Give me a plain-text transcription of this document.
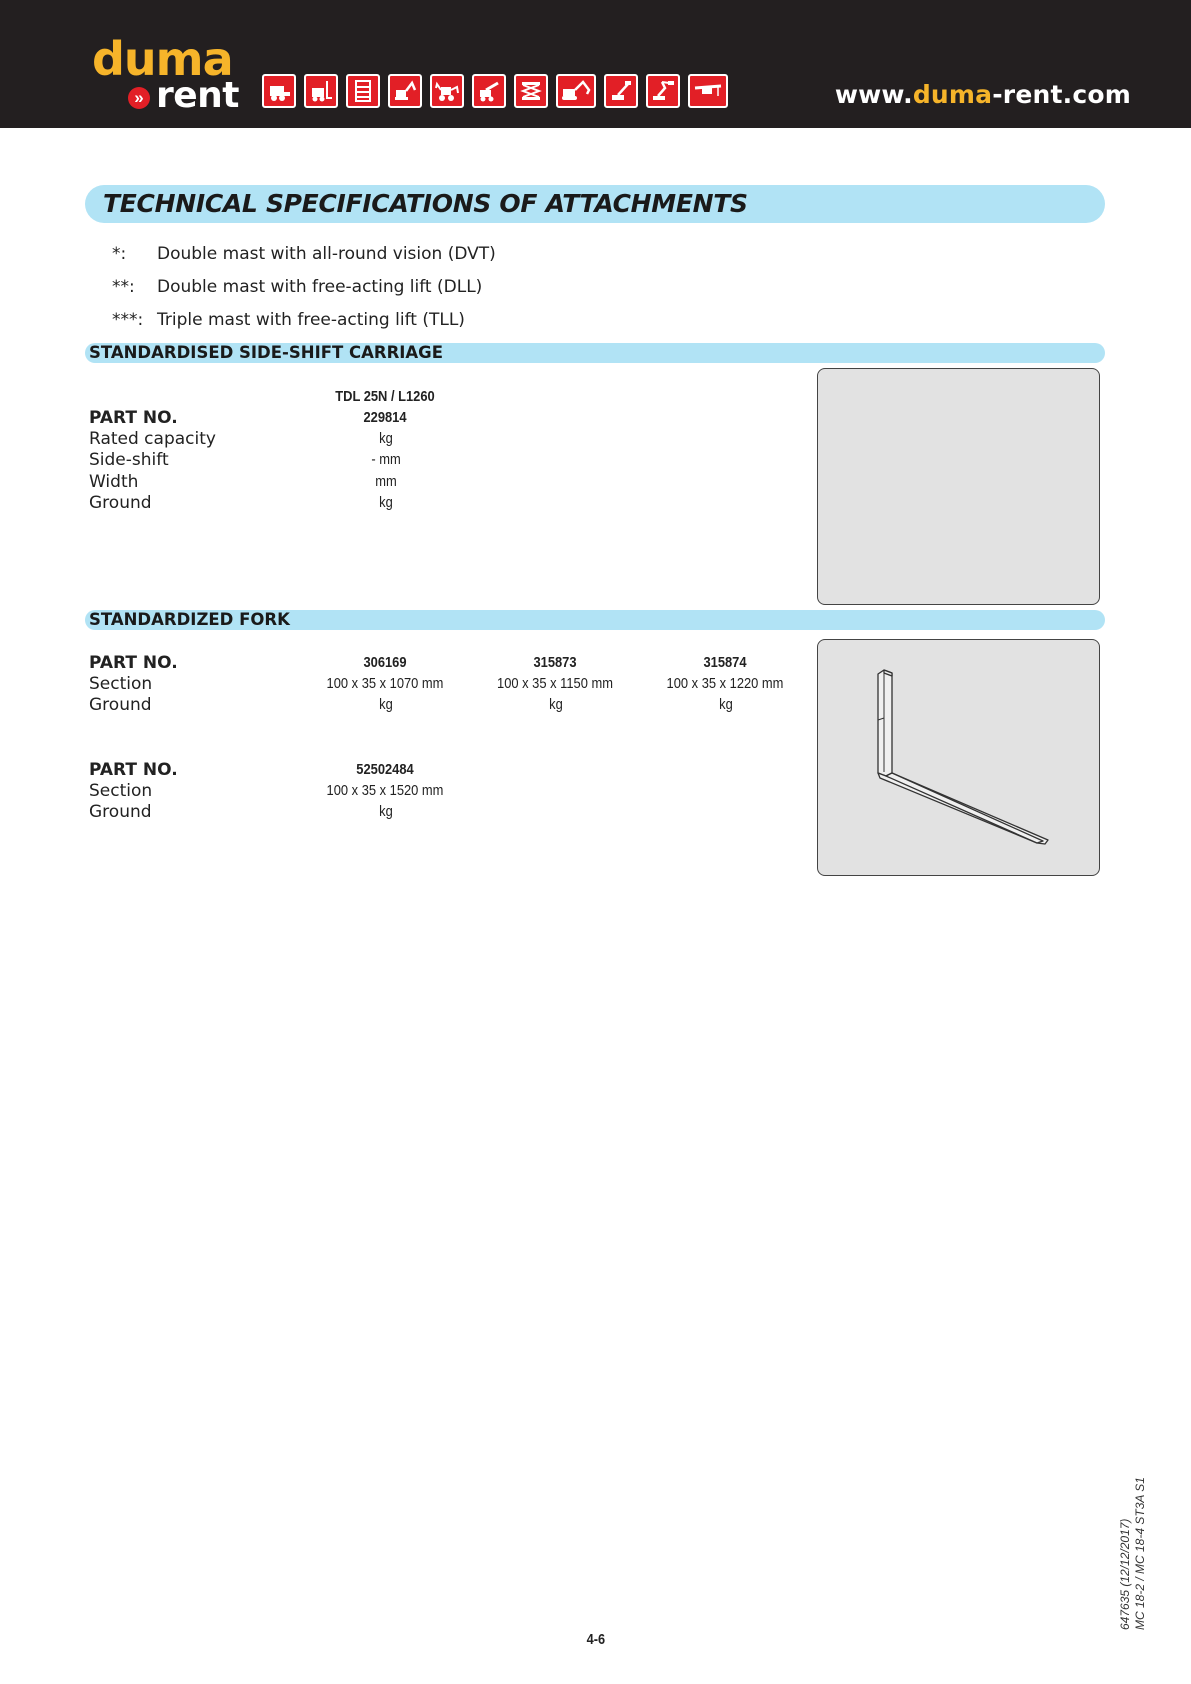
duma
» rent	www.duma-rent.com
TECHNICAL SPECIFICATIONS OF ATTACHMENTS
*: Double mast with all-round vision (DVT)
**: Double mast with free-acting lift (DLL)
***: Triple mast with free-acting lift (TLL)
STANDARDISED SIDE-SHIFT CARRIAGE
TDL 25N / L1260
PART NO.
Rated capacity
Side-shift
Width
Ground
229814
kg
- mm
mm
kg
STANDARDIZED FORK
PART NO.
Section
Ground
306169
100 x 35 x 1070 mm
kg
315873
100 x 35 x 1150 mm
kg
315874
100 x 35 x 1220 mm
kg
PART NO.
Section
Ground
52502484
100 x 35 x 1520 mm
kg
4-6
647635 (12/12/2017) MC 18-2 / MC 18-4 ST3A S1
